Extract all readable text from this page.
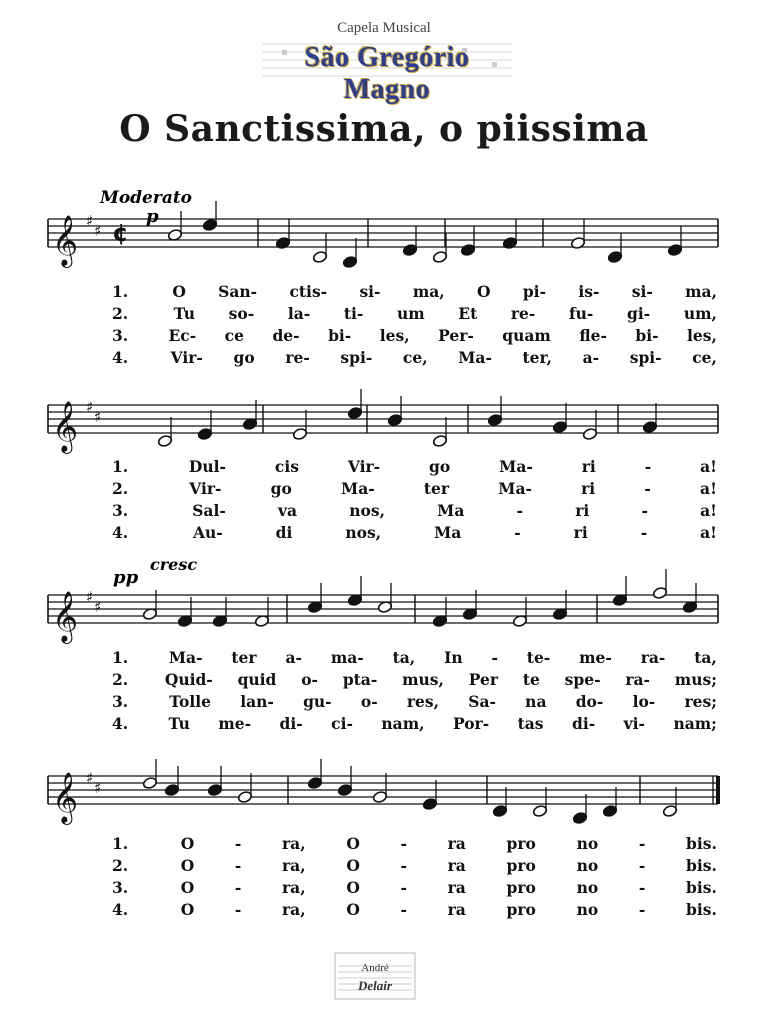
Capela Musical
São Gregório Magno
O Sanctissima, o piissima
𝄞 ♯
♯
𝄞 ♯
♯
𝄞 ♯
♯
𝄞 ♯
♯
¢
Moderato
p
pp
cresc
1.	O San- ctis- si- ma, O pi- is- si- ma,
2.	Tu so- la- ti- um Et re- fu- gi- um,
3.	Ec- ce de- bi- les, Per- quam fle- bi- les,
4.	Vir- go re- spi- ce, Ma- ter, a- spi- ce,
1.	Dul-	cis	Vir-	go	Ma-	ri	-	a!
2.	Vir-	go	Ma-	ter	Ma-	ri	-	a!
3.	Sal-	va	nos,	Ma	-	ri	-	a!
4.	Au-	di	nos,	Ma	-	ri	-	a!
1.	Ma- ter a- ma- ta, In - te- me- ra- ta,
2.	Quid- quid o- pta- mus, Per te spe- ra- mus;
3.	Tolle lan- gu- o- res, Sa- na do- lo- res;
4.	Tu me- di- ci- nam, Por- tas di- vi- nam;
1.	O	-	ra,	O	-	ra	pro	no	-	bis.
2.	O	-	ra,	O	-	ra	pro	no	-	bis.
3.	O	-	ra,	O	-	ra	pro	no	-	bis.
4.	O	-	ra,	O	-	ra	pro	no	-	bis.
André
Delair
